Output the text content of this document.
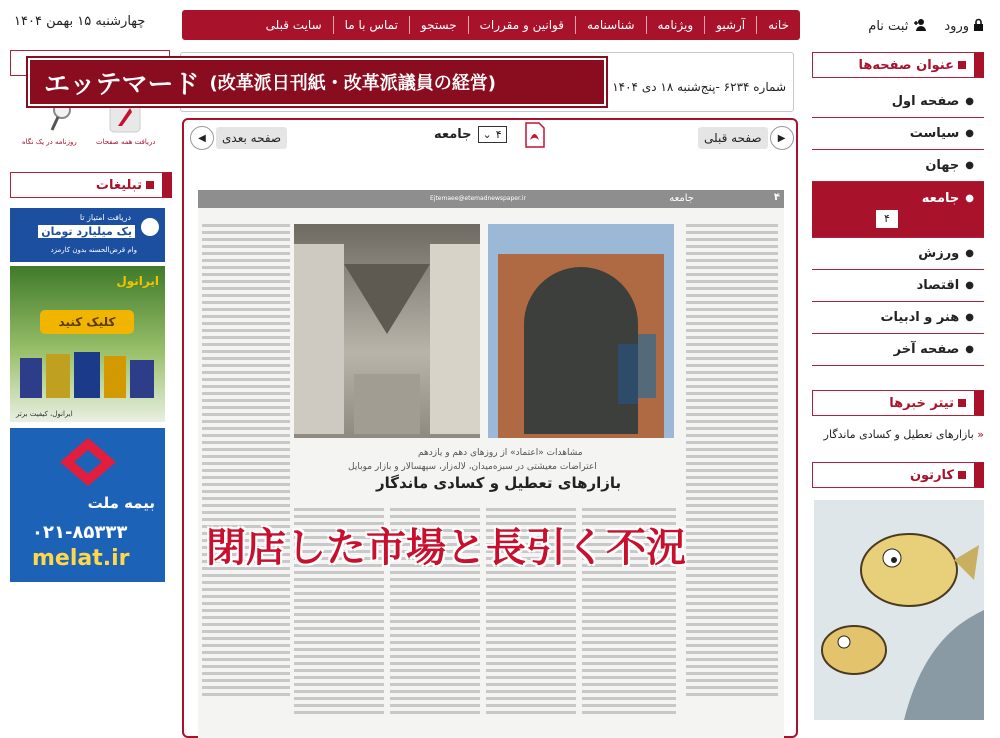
چهارشنبه ۱۵ بهمن ۱۴۰۴	خانه
آرشیو
ویژنامه
شناسنامه
قوانین و مقررات
جستجو
تماس با ما
سایت قبلی	ورود
ثبت نام
دریافت همه صفحات
روزنامه در یک نگاه
تبلیغات
دریافت امتیاز تا
یک میلیارد تومان
وام قرض‌الحسنه بدون کارمزد
ایرانول
کلیک کنید
ایرانول، کیفیت برتر
بیمه ملت
۰۲۱-۸۵۳۳۳
melat.ir
شماره ۶۲۳۴ -پنج‌شنبه ۱۸ دی ۱۴۰۴
◀	صفحه بعدی	صفحه قبلی	▶
جامعه ⌄ ۴
۴
جامعه
Ejtemaee@etemadnewspaper.ir
مشاهدات «اعتماد» از روزهای دهم و یازدهم
اعتراضات معیشتی در سبزه‌میدان، لاله‌زار، سپهسالار و بازار موبایل
بازارهای تعطیل و کسادی ماندگار
エッテマード (改革派日刊紙・改革派議員の経営)
閉店した市場と長引く不況
عنوان صفحه‌ها
●
صفحه اول
●
سیاست
●
جهان
●
جامعه
۴
●
ورزش
●
اقتصاد
●
هنر و ادبیات
●
صفحه آخر
تیتر خبرها
« بازارهای تعطیل و کسادی ماندگار
کارتون
